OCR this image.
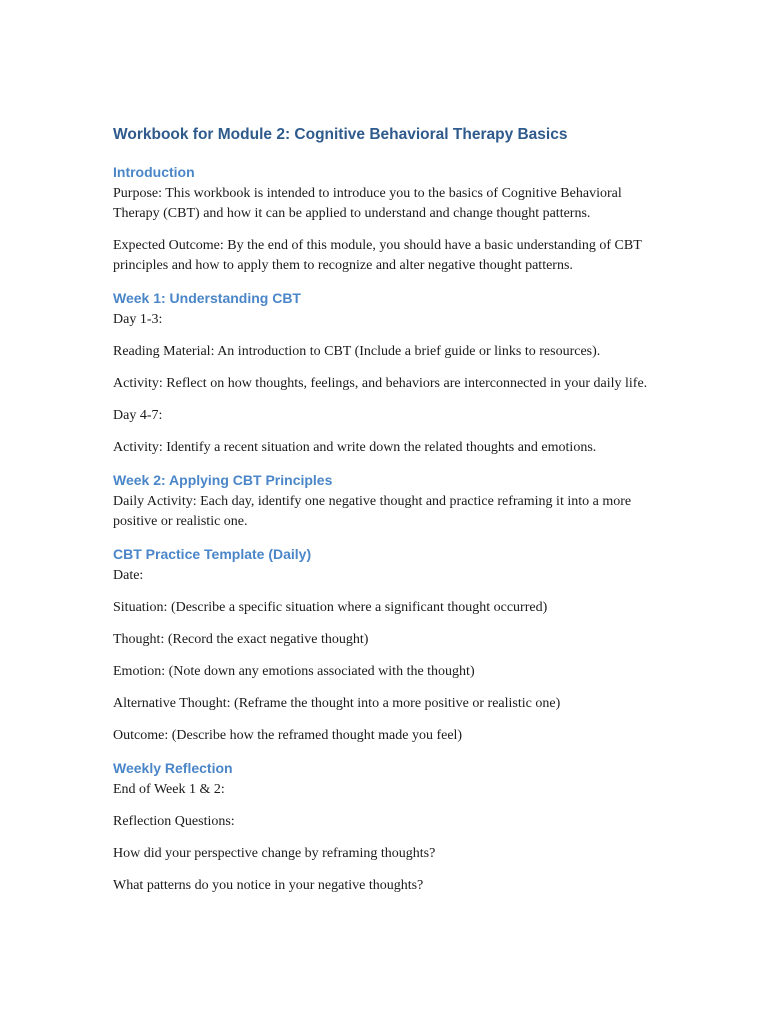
Workbook for Module 2: Cognitive Behavioral Therapy Basics
Introduction

Purpose: This workbook is intended to introduce you to the basics of Cognitive Behavioral Therapy (CBT) and how it can be applied to understand and change thought patterns.

Expected Outcome: By the end of this module, you should have a basic understanding of CBT principles and how to apply them to recognize and alter negative thought patterns.

Week 1: Understanding CBT

Day 1-3:

Reading Material: An introduction to CBT (Include a brief guide or links to resources).

Activity: Reflect on how thoughts, feelings, and behaviors are interconnected in your daily life.

Day 4-7:

Activity: Identify a recent situation and write down the related thoughts and emotions.

Week 2: Applying CBT Principles

Daily Activity: Each day, identify one negative thought and practice reframing it into a more positive or realistic one.

CBT Practice Template (Daily)

Date:

Situation: (Describe a specific situation where a significant thought occurred)

Thought: (Record the exact negative thought)

Emotion: (Note down any emotions associated with the thought)

Alternative Thought: (Reframe the thought into a more positive or realistic one)

Outcome: (Describe how the reframed thought made you feel)

Weekly Reflection

End of Week 1 & 2:

Reflection Questions:

How did your perspective change by reframing thoughts?

What patterns do you notice in your negative thoughts?
